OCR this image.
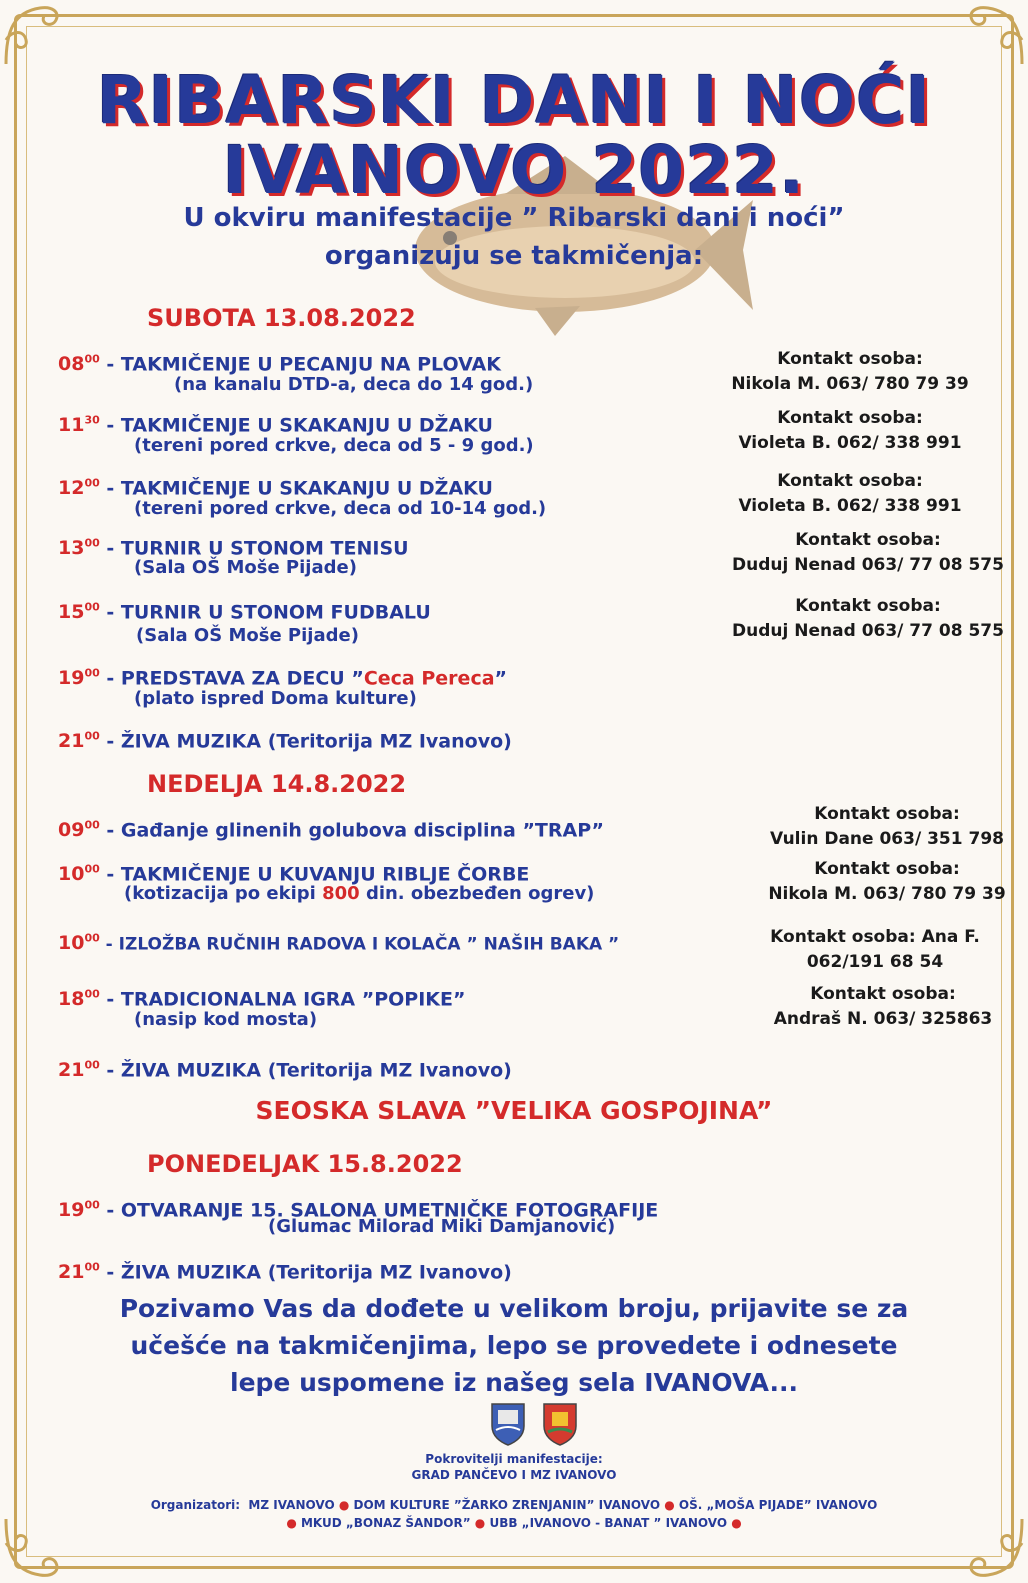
RIBARSKI DANI I NOĆI
IVANOVO 2022.
U okviru manifestacije ” Ribarski dani i noći”
organizuju se takmičenja:
SUBOTA 13.08.2022
$08^{00}$ - TAKMIČENJE U PECANJU NA PLOVAK
(na kanalu DTD-a, deca do 14 god.)
Kontakt osoba:
Nikola M. 063/ 780 79 39
$11^{30}$ - TAKMIČENJE U SKAKANJU U DŽAKU
(tereni pored crkve, deca od 5 - 9 god.)
Kontakt osoba:
Violeta B. 062/ 338 991
$12^{00}$ - TAKMIČENJE U SKAKANJU U DŽAKU
(tereni pored crkve, deca od 10-14 god.)
Kontakt osoba:
Violeta B. 062/ 338 991
$13^{00}$ - TURNIR U STONOM TENISU
(Sala OŠ Moše Pijade)
Kontakt osoba:
Duduj Nenad 063/ 77 08 575
$15^{00}$ - TURNIR U STONOM FUDBALU
(Sala OŠ Moše Pijade)
Kontakt osoba:
Duduj Nenad 063/ 77 08 575
$19^{00}$ - PREDSTAVA ZA DECU ”Ceca Pereca”
(plato ispred Doma kulture)
$21^{00}$ - ŽIVA MUZIKA (Teritorija MZ Ivanovo)
NEDELJA 14.8.2022
$09^{00}$ - Gađanje glinenih golubova disciplina ”TRAP”
Kontakt osoba:
Vulin Dane 063/ 351 798
$10^{00}$ - TAKMIČENJE U KUVANJU RIBLJE ČORBE
(kotizacija po ekipi 800 din. obezbeđen ogrev)
Kontakt osoba:
Nikola M. 063/ 780 79 39
$10^{00}$ - IZLOŽBA RUČNIH RADOVA I KOLAČA ” NAŠIH BAKA ”	Kontakt osoba: Ana F.
062/191 68 54
$18^{00}$ - TRADICIONALNA IGRA ”POPIKE”
(nasip kod mosta)
Kontakt osoba:
Andraš N. 063/ 325863
$21^{00}$ - ŽIVA MUZIKA (Teritorija MZ Ivanovo)
SEOSKA SLAVA ”VELIKA GOSPOJINA”
PONEDELJAK 15.8.2022
$19^{00}$ - OTVARANJE 15. SALONA UMETNIČKE FOTOGRAFIJE
(Glumac Milorad Miki Damjanović)
$21^{00}$ - ŽIVA MUZIKA (Teritorija MZ Ivanovo)
Pozivamo Vas da dođete u velikom broju, prijavite se za
učešće na takmičenjima, lepo se provedete i odnesete
lepe uspomene iz našeg sela IVANOVA...
Pokrovitelji manifestacije:
GRAD PANČEVO I MZ IVANOVO
Organizatori: MZ IVANOVO ● DOM KULTURE ”ŽARKO ZRENJANIN” IVANOVO ● OŠ. „MOŠA PIJADE” IVANOVO
● MKUD „BONAZ ŠANDOR” ● UBB „IVANOVO - BANAT ” IVANOVO ●
